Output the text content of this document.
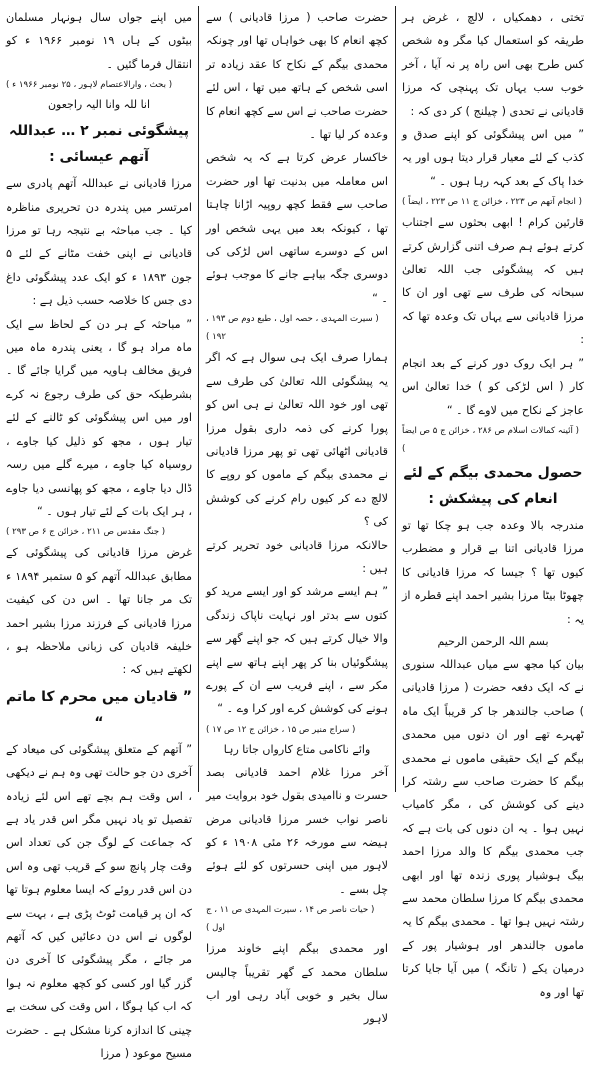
تختی ، دھمکیاں ، لالچ ، غرض ہر طریقہ کو استعمال کیا مگر وہ شخص کس طرح بھی اس راہ پر نہ آیا ، آخر خوب سب یہاں تک پہنچی کہ مرزا قادیانی نے تحدی ( چیلنج ) کر دی کہ :

” میں اس پیشگوئی کو اپنے صدق و کذب کے لئے معیار قرار دیتا ہوں اور یہ خدا پاک کے بعد کہہ رہا ہوں ۔ “

( انجام آتھم ص ۲۲۳ ، خزائن ج ۱۱ ص ۲۲۳ ، ایضاً )

قارئین کرام ! ابھی بحثوں سے اجتناب کرتے ہوئے ہم صرف اتنی گزارش کرتے ہیں کہ پیشگوئی جب اللہ تعالیٰ سبحانہ کی طرف سے تھی اور ان کا مرزا قادیانی سے یہاں تک وعدہ تھا کہ :

” ہر ایک روک دور کرنے کے بعد انجام کار ( اس لڑکی کو ) خدا تعالیٰ اس عاجز کے نکاح میں لاوے گا ۔ “

( آئینہ کمالات اسلام ص ۲۸۶ ، خزائن ج ۵ ص ایضاً )

حصول محمدی بیگم کے لئے انعام کی پیشکش :

مندرجہ بالا وعدہ جب ہو چکا تھا تو مرزا قادیانی اتنا بے قرار و مضطرب کیوں تھا ؟ جیسا کہ مرزا قادیانی کا چھوٹا بیٹا مرزا بشیر احمد اپنے قطرہ از یہ :

بسم اللہ الرحمن الرحیم

بیان کیا مجھ سے میاں عبداللہ سنوری نے کہ ایک دفعہ حضرت ( مرزا قادیانی ) صاحب جالندھر جا کر قریباً ایک ماہ ٹھہرے تھے اور ان دنوں میں محمدی بیگم کے ایک حقیقی ماموں نے محمدی بیگم کا حضرت صاحب سے رشتہ کرا دینے کی کوشش کی ، مگر کامیاب نہیں ہوا ۔ یہ ان دنوں کی بات ہے کہ جب محمدی بیگم کا والد مرزا احمد بیگ ہوشیار پوری زندہ تھا اور ابھی محمدی بیگم کا مرزا سلطان محمد سے رشتہ نہیں ہوا تھا ۔ محمدی بیگم کا یہ ماموں جالندھر اور ہوشیار پور کے درمیان یکے ( تانگہ ) میں آیا جایا کرتا تھا اور وہ

حضرت صاحب ( مرزا قادیانی ) سے کچھ انعام کا بھی خواہاں تھا اور چونکہ محمدی بیگم کے نکاح کا عقد زیادہ تر اسی شخص کے ہاتھ میں تھا ، اس لئے حضرت صاحب نے اس سے کچھ انعام کا وعدہ کر لیا تھا ۔

خاکسار عرض کرتا ہے کہ یہ شخص اس معاملہ میں بدنیت تھا اور حضرت صاحب سے فقط کچھ روپیہ اڑانا چاہتا تھا ، کیونکہ بعد میں یہی شخص اور اس کے دوسرے ساتھی اس لڑکی کی دوسری جگہ بیاہے جانے کا موجب ہوئے ۔ “

( سیرت المہدی ، حصہ اول ، طبع دوم ص ۱۹۳ ، ۱۹۲ )

ہمارا صرف ایک ہی سوال ہے کہ اگر یہ پیشگوئی اللہ تعالیٰ کی طرف سے تھی اور خود اللہ تعالیٰ نے ہی اس کو پورا کرنے کی ذمہ داری بقول مرزا قادیانی اٹھائی تھی تو پھر مرزا قادیانی نے محمدی بیگم کے ماموں کو روپے کا لالچ دے کر کیوں رام کرنے کی کوشش کی ؟

حالانکہ مرزا قادیانی خود تحریر کرتے ہیں :

” ہم ایسے مرشد کو اور ایسے مرید کو کتوں سے بدتر اور نہایت ناپاک زندگی والا خیال کرتے ہیں کہ جو اپنے گھر سے پیشگوئیاں بنا کر پھر اپنے ہاتھ سے اپنے مکر سے ، اپنے فریب سے ان کے پورے ہونے کی کوشش کرے اور کرا وے ۔ “

( سراج منیر ص ۱۵ ، خزائن ج ۱۲ ص ۱۷ )

وائے ناکامی متاع کارواں جاتا رہا

آخر مرزا غلام احمد قادیانی بصد حسرت و ناامیدی بقول خود بروایت میر ناصر نواب خسر مرزا قادیانی مرض ہیضہ سے مورخہ ۲۶ مئی ۱۹۰۸ ء کو لاہور میں اپنی حسرتوں کو لئے ہوئے چل بسے ۔

( حیات ناصر ص ۱۴ ، سیرت المہدی ص ۱۱ ، ج اول )

اور محمدی بیگم اپنے خاوند مرزا سلطان محمد کے گھر تقریباً چالیس سال بخیر و خوبی آباد رہی اور اب لاہور

میں اپنے جواں سال ہونہار مسلمان بیٹوں کے ہاں ۱۹ نومبر ۱۹۶۶ ء کو انتقال فرما گئیں ۔

( بحث ، وارالاعتصام لاہور ، ۲۵ نومبر ۱۹۶۶ ء )

انا للہ وانا الیہ راجعون

پیشگوئی نمبر ۲ … عبداللہ آتھم عیسائی :

مرزا قادیانی نے عبداللہ آتھم پادری سے امرتسر میں پندرہ دن تحریری مناظرہ کیا ۔ جب مباحثہ بے نتیجہ رہا تو مرزا قادیانی نے اپنی خفت مٹانے کے لئے ۵ جون ۱۸۹۳ ء کو ایک عدد پیشگوئی داغ دی جس کا خلاصہ حسب ذیل ہے :

” مباحثہ کے ہر دن کے لحاظ سے ایک ماہ مراد ہو گا ، یعنی پندرہ ماہ میں فریق مخالف ہاویہ میں گرایا جائے گا ۔ بشرطیکہ حق کی طرف رجوع نہ کرے اور میں اس پیشگوئی کو ٹالنے کے لئے تیار ہوں ، مجھ کو ذلیل کیا جاوے ، روسیاہ کیا جاوے ، میرے گلے میں رسہ ڈال دیا جاوے ، مجھ کو پھانسی دیا جاوے ، ہر ایک بات کے لئے تیار ہوں ۔ “

( جنگ مقدس ص ۲۱۱ ، خزائن ج ۶ ص ۲۹۳ )

غرض مرزا قادیانی کی پیشگوئی کے مطابق عبداللہ آتھم کو ۵ ستمبر ۱۸۹۴ ء تک مر جانا تھا ۔ اس دن کی کیفیت مرزا قادیانی کے فرزند مرزا بشیر احمد خلیفہ قادیان کی زبانی ملاحظہ ہو ، لکھتے ہیں کہ :

” قادیان میں محرم کا ماتم “

” آتھم کے متعلق پیشگوئی کی میعاد کے آخری دن جو حالت تھی وہ ہم نے دیکھی ، اس وقت ہم بچے تھے اس لئے زیادہ تفصیل تو یاد نہیں مگر اس قدر یاد ہے کہ جماعت کے لوگ جن کی تعداد اس وقت چار پانچ سو کے قریب تھی وہ اس دن اس قدر روئے کہ ایسا معلوم ہوتا تھا کہ ان پر قیامت ٹوٹ پڑی ہے ، بہت سے لوگوں نے اس دن دعائیں کیں کہ آتھم مر جائے ، مگر پیشگوئی کا آخری دن گزر گیا اور کسی کو کچھ معلوم نہ ہوا کہ اب کیا ہوگا ، اس وقت کی سخت بے چینی کا اندازہ کرنا مشکل ہے ۔ حضرت مسیح موعود ( مرزا
